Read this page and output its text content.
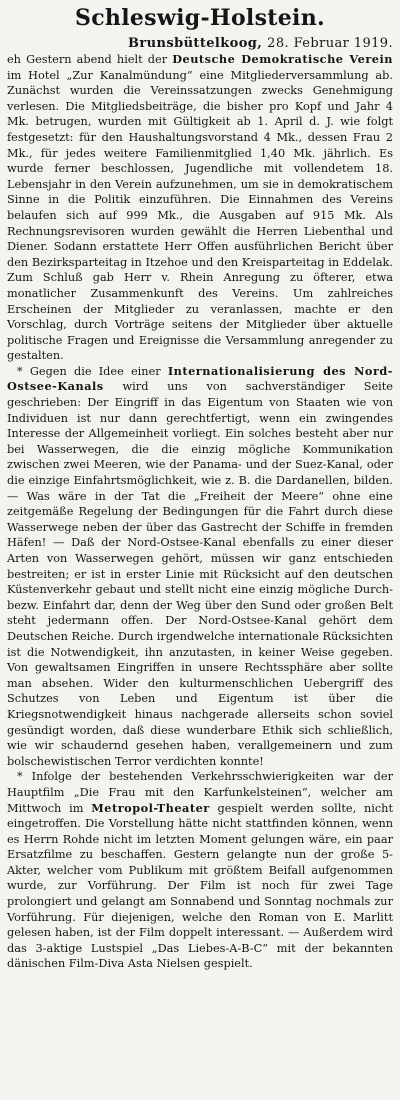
Schleswig-Holstein.

Brunsbüttelkoog, 28. Februar 1919.

eh Gestern abend hielt der Deutsche Demokratische Verein im Hotel „Zur Kanalmündung“ eine Mitgliederversammlung ab. Zunächst wurden die Vereinssatzungen zwecks Genehmigung verlesen. Die Mitgliedsbeiträge, die bisher pro Kopf und Jahr 4 Mk. betrugen, wurden mit Gültigkeit ab 1. April d. J. wie folgt festgesetzt: für den Haushaltungsvorstand 4 Mk., dessen Frau 2 Mk., für jedes weitere Familienmitglied 1,40 Mk. jährlich. Es wurde ferner beschlossen, Jugendliche mit vollendetem 18. Lebensjahr in den Verein aufzunehmen, um sie in demokratischem Sinne in die Politik einzuführen. Die Einnahmen des Vereins belaufen sich auf 999 Mk., die Ausgaben auf 915 Mk. Als Rechnungsrevisoren wurden gewählt die Herren Liebenthal und Diener. Sodann erstattete Herr Offen ausführlichen Bericht über den Bezirksparteitag in Itzehoe und den Kreisparteitag in Eddelak. Zum Schluß gab Herr v. Rhein Anregung zu öfterer, etwa monatlicher Zusammenkunft des Vereins. Um zahlreiches Erscheinen der Mitglieder zu veranlassen, machte er den Vorschlag, durch Vorträge seitens der Mitglieder über aktuelle politische Fragen und Ereignisse die Versammlung anregender zu gestalten.

* Gegen die Idee einer Internationalisierung des Nord-Ostsee-Kanals wird uns von sachverständiger Seite geschrieben: Der Eingriff in das Eigentum von Staaten wie von Individuen ist nur dann gerechtfertigt, wenn ein zwingendes Interesse der Allgemeinheit vorliegt. Ein solches besteht aber nur bei Wasserwegen, die die einzig mögliche Kommunikation zwischen zwei Meeren, wie der Panama- und der Suez-Kanal, oder die einzige Einfahrtsmöglichkeit, wie z. B. die Dardanellen, bilden. — Was wäre in der Tat die „Freiheit der Meere“ ohne eine zeitgemäße Regelung der Bedingungen für die Fahrt durch diese Wasserwege neben der über das Gastrecht der Schiffe in fremden Häfen! — Daß der Nord-Ostsee-Kanal ebenfalls zu einer dieser Arten von Wasserwegen gehört, müssen wir ganz entschieden bestreiten; er ist in erster Linie mit Rücksicht auf den deutschen Küstenverkehr gebaut und stellt nicht eine einzig mögliche Durch- bezw. Einfahrt dar, denn der Weg über den Sund oder großen Belt steht jedermann offen. Der Nord-Ostsee-Kanal gehört dem Deutschen Reiche. Durch irgendwelche internationale Rücksichten ist die Notwendigkeit, ihn anzutasten, in keiner Weise gegeben. Von gewaltsamen Eingriffen in unsere Rechtssphäre aber sollte man absehen. Wider den kulturmenschlichen Uebergriff des Schutzes von Leben und Eigentum ist über die Kriegsnotwendigkeit hinaus nachgerade allerseits schon soviel gesündigt worden, daß diese wunderbare Ethik sich schließlich, wie wir schaudernd gesehen haben, verallgemeinern und zum bolschewistischen Terror verdichten konnte!

* Infolge der bestehenden Verkehrsschwierigkeiten war der Hauptfilm „Die Frau mit den Karfunkelsteinen“, welcher am Mittwoch im Metropol-Theater gespielt werden sollte, nicht eingetroffen. Die Vorstellung hätte nicht stattfinden können, wenn es Herrn Rohde nicht im letzten Moment gelungen wäre, ein paar Ersatzfilme zu beschaffen. Gestern gelangte nun der große 5-Akter, welcher vom Publikum mit größtem Beifall aufgenommen wurde, zur Vorführung. Der Film ist noch für zwei Tage prolongiert und gelangt am Sonnabend und Sonntag nochmals zur Vorführung. Für diejenigen, welche den Roman von E. Marlitt gelesen haben, ist der Film doppelt interessant. — Außerdem wird das 3-aktige Lustspiel „Das Liebes-A-B-C“ mit der bekannten dänischen Film-Diva Asta Nielsen gespielt.
